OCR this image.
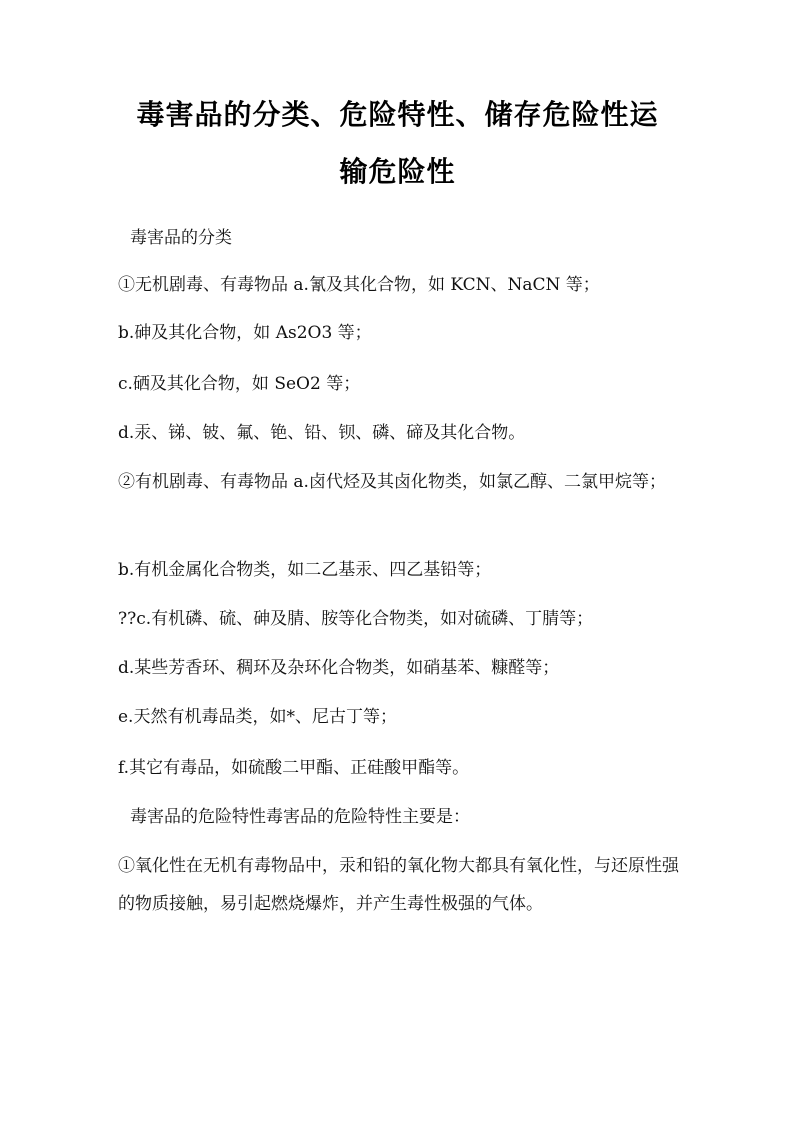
毒害品的分类、危险特性、储存危险性运
输危险性
毒害品的分类
①无机剧毒、有毒物品 a.氰及其化合物，如 KCN、NaCN 等；
b.砷及其化合物，如 As2O3 等；
c.硒及其化合物，如 SeO2 等；
d.汞、锑、铍、氟、铯、铅、钡、磷、碲及其化合物。
②有机剧毒、有毒物品 a.卤代烃及其卤化物类，如氯乙醇、二氯甲烷等；
b.有机金属化合物类，如二乙基汞、四乙基铅等；
??c.有机磷、硫、砷及腈、胺等化合物类，如对硫磷、丁腈等；
d.某些芳香环、稠环及杂环化合物类，如硝基苯、糠醛等；
e.天然有机毒品类，如*、尼古丁等；
f.其它有毒品，如硫酸二甲酯、正硅酸甲酯等。
毒害品的危险特性毒害品的危险特性主要是：
①氧化性在无机有毒物品中，汞和铅的氧化物大都具有氧化性，与还原性强的物质接触，易引起燃烧爆炸，并产生毒性极强的气体。
